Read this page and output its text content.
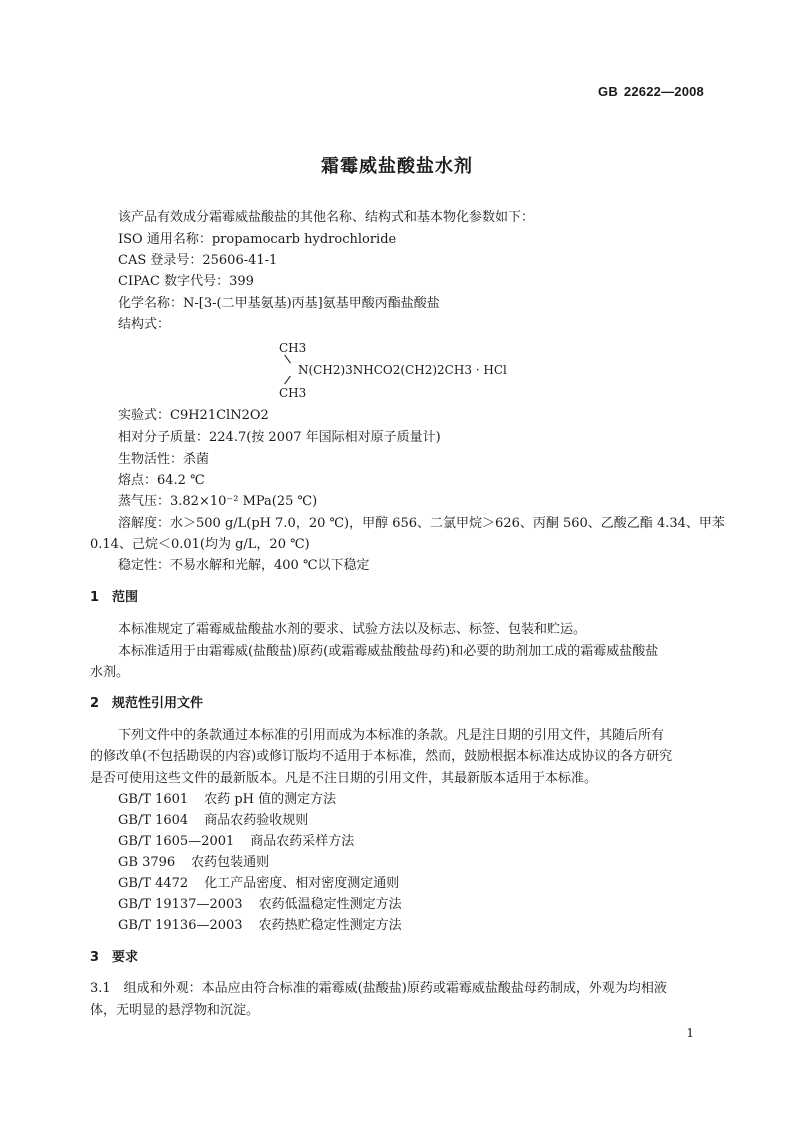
GB 22622—2008
霜霉威盐酸盐水剂
该产品有效成分霜霉威盐酸盐的其他名称、结构式和基本物化参数如下：
ISO 通用名称：propamocarb hydrochloride
CAS 登录号：25606-41-1
CIPAC 数字代号：399
化学名称：N-[3-(二甲基氨基)丙基]氨基甲酸丙酯盐酸盐
结构式：
CH3
N(CH2)3NHCO2(CH2)2CH3 · HCl
CH3
实验式：C9H21ClN2O2
相对分子质量：224.7(按 2007 年国际相对原子质量计)
生物活性：杀菌
熔点：64.2 ℃
蒸气压：3.82×10⁻² MPa(25 ℃)
溶解度：水＞500 g/L(pH 7.0，20 ℃)，甲醇 656、二氯甲烷＞626、丙酮 560、乙酸乙酯 4.34、甲苯
0.14、己烷＜0.01(均为 g/L，20 ℃)
稳定性：不易水解和光解，400 ℃以下稳定
1 范围
本标准规定了霜霉威盐酸盐水剂的要求、试验方法以及标志、标签、包装和贮运。
本标准适用于由霜霉威(盐酸盐)原药(或霜霉威盐酸盐母药)和必要的助剂加工成的霜霉威盐酸盐
水剂。
2 规范性引用文件
下列文件中的条款通过本标准的引用而成为本标准的条款。凡是注日期的引用文件，其随后所有
的修改单(不包括勘误的内容)或修订版均不适用于本标准，然而，鼓励根据本标准达成协议的各方研究
是否可使用这些文件的最新版本。凡是不注日期的引用文件，其最新版本适用于本标准。
GB/T 1601 农药 pH 值的测定方法
GB/T 1604 商品农药验收规则
GB/T 1605—2001 商品农药采样方法
GB 3796 农药包装通则
GB/T 4472 化工产品密度、相对密度测定通则
GB/T 19137—2003 农药低温稳定性测定方法
GB/T 19136—2003 农药热贮稳定性测定方法
3 要求
3.1　组成和外观：本品应由符合标准的霜霉威(盐酸盐)原药或霜霉威盐酸盐母药制成，外观为均相液
体，无明显的悬浮物和沉淀。
1
